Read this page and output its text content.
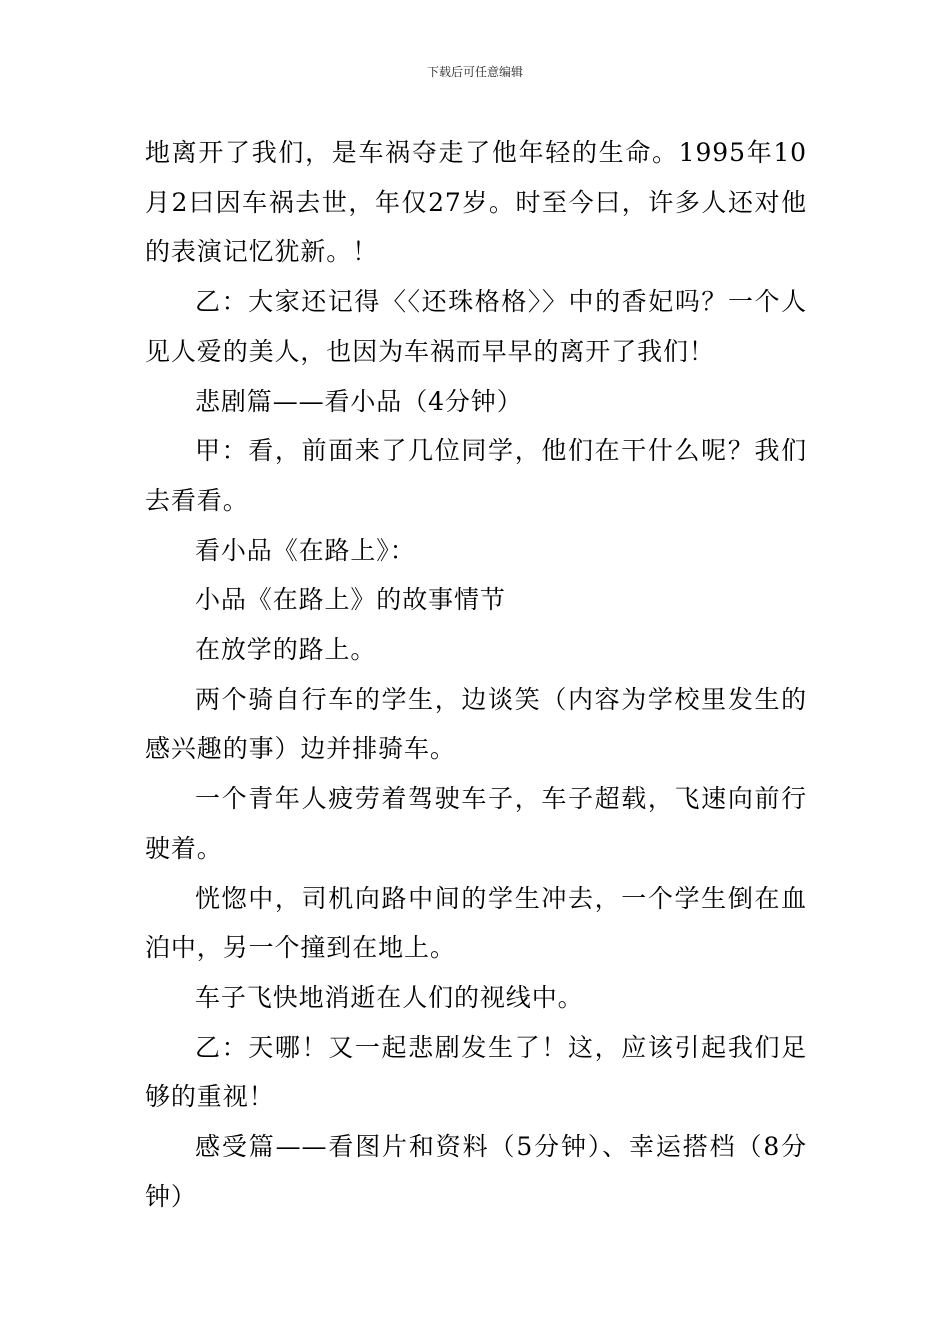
下载后可任意编辑

地离开了我们，是车祸夺走了他年轻的生命。1995年10月2曰因车祸去世，年仅27岁。时至今曰，许多人还对他的表演记忆犹新。！

乙：大家还记得〈〈还珠格格〉〉中的香妃吗？一个人见人爱的美人，也因为车祸而早早的离开了我们！

悲剧篇——看小品（4分钟）

甲：看，前面来了几位同学，他们在干什么呢？我们去看看。

看小品《在路上》：

小品《在路上》的故事情节

在放学的路上。

两个骑自行车的学生，边谈笑（内容为学校里发生的感兴趣的事）边并排骑车。

一个青年人疲劳着驾驶车子，车子超载，飞速向前行驶着。

恍惚中，司机向路中间的学生冲去，一个学生倒在血泊中，另一个撞到在地上。

车子飞快地消逝在人们的视线中。

乙：天哪！又一起悲剧发生了！这，应该引起我们足够的重视！

感受篇——看图片和资料（5分钟）、幸运搭档（8分钟）
